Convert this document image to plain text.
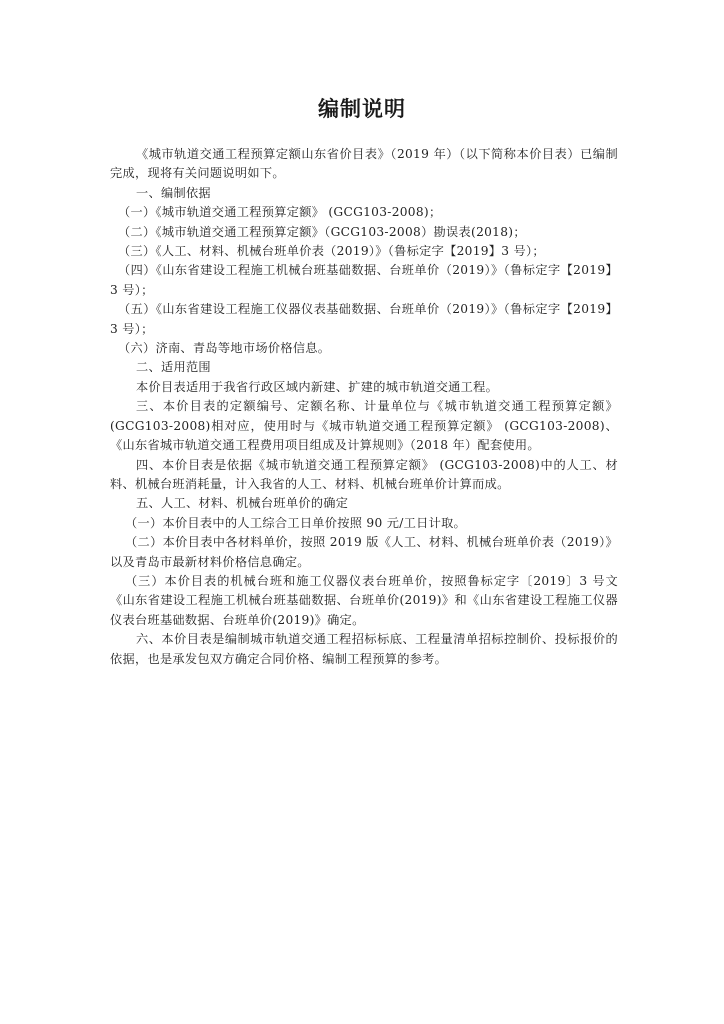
编制说明

《城市轨道交通工程预算定额山东省价目表》（2019 年）（以下简称本价目表）已编制完成，现将有关问题说明如下。

一、编制依据

（一）《城市轨道交通工程预算定额》 (GCG103-2008)；

（二）《城市轨道交通工程预算定额》（GCG103-2008）勘误表(2018)；

（三）《人工、材料、机械台班单价表（2019）》（鲁标定字【2019】3 号）；

（四）《山东省建设工程施工机械台班基础数据、台班单价（2019）》（鲁标定字【2019】3 号）；

（五）《山东省建设工程施工仪器仪表基础数据、台班单价（2019）》（鲁标定字【2019】3 号）；

（六）济南、青岛等地市场价格信息。

二、适用范围

本价目表适用于我省行政区域内新建、扩建的城市轨道交通工程。

三、本价目表的定额编号、定额名称、计量单位与《城市轨道交通工程预算定额》(GCG103-2008)相对应，使用时与《城市轨道交通工程预算定额》 (GCG103-2008)、《山东省城市轨道交通工程费用项目组成及计算规则》（2018 年）配套使用。

四、本价目表是依据《城市轨道交通工程预算定额》 (GCG103-2008)中的人工、材料、机械台班消耗量，计入我省的人工、材料、机械台班单价计算而成。

五、人工、材料、机械台班单价的确定

（一）本价目表中的人工综合工日单价按照 90 元/工日计取。

（二）本价目表中各材料单价，按照 2019 版《人工、材料、机械台班单价表（2019）》以及青岛市最新材料价格信息确定。

（三）本价目表的机械台班和施工仪器仪表台班单价，按照鲁标定字〔2019〕3 号文《山东省建设工程施工机械台班基础数据、台班单价(2019)》和《山东省建设工程施工仪器仪表台班基础数据、台班单价(2019)》确定。

六、本价目表是编制城市轨道交通工程招标标底、工程量清单招标控制价、投标报价的依据，也是承发包双方确定合同价格、编制工程预算的参考。
